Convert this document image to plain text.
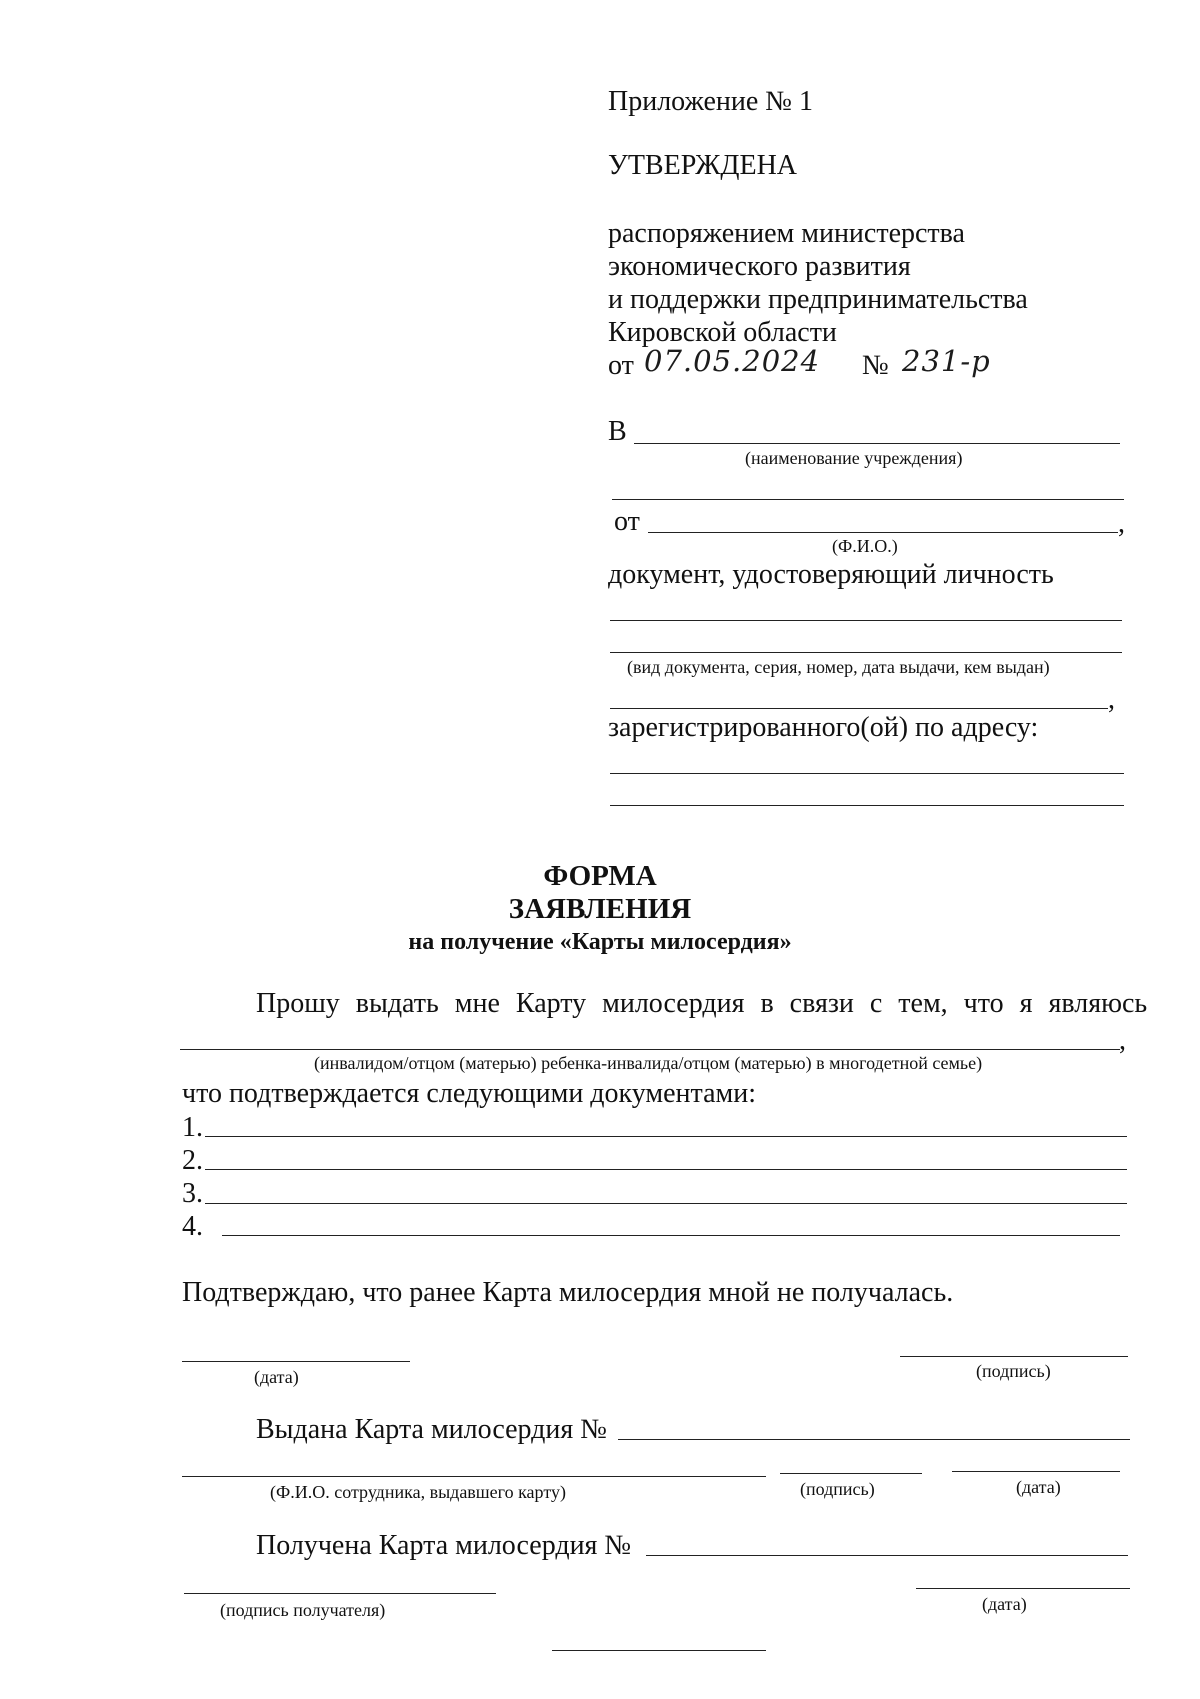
Приложение № 1
УТВЕРЖДЕНА
распоряжением министерства
экономического развития
и поддержки предпринимательства
Кировской области
от 07.05.2024 № 231-р
В
(наименование учреждения)
от	,
(Ф.И.О.)
документ, удостоверяющий личность
(вид документа, серия, номер, дата выдачи, кем выдан)
,
зарегистрированного(ой) по адресу:
ФОРМА
ЗАЯВЛЕНИЯ
на получение «Карты милосердия»
Прошу выдать мне Карту милосердия в связи с тем, что я являюсь
,
(инвалидом/отцом (матерью) ребенка-инвалида/отцом (матерью) в многодетной семье)
что подтверждается следующими документами:
1.
2.
3.
4.
Подтверждаю, что ранее Карта милосердия мной не получалась.
(дата)	(подпись)
Выдана Карта милосердия №
(Ф.И.О. сотрудника, выдавшего карту)	(подпись)	(дата)
Получена Карта милосердия №
(подпись получателя)	(дата)
